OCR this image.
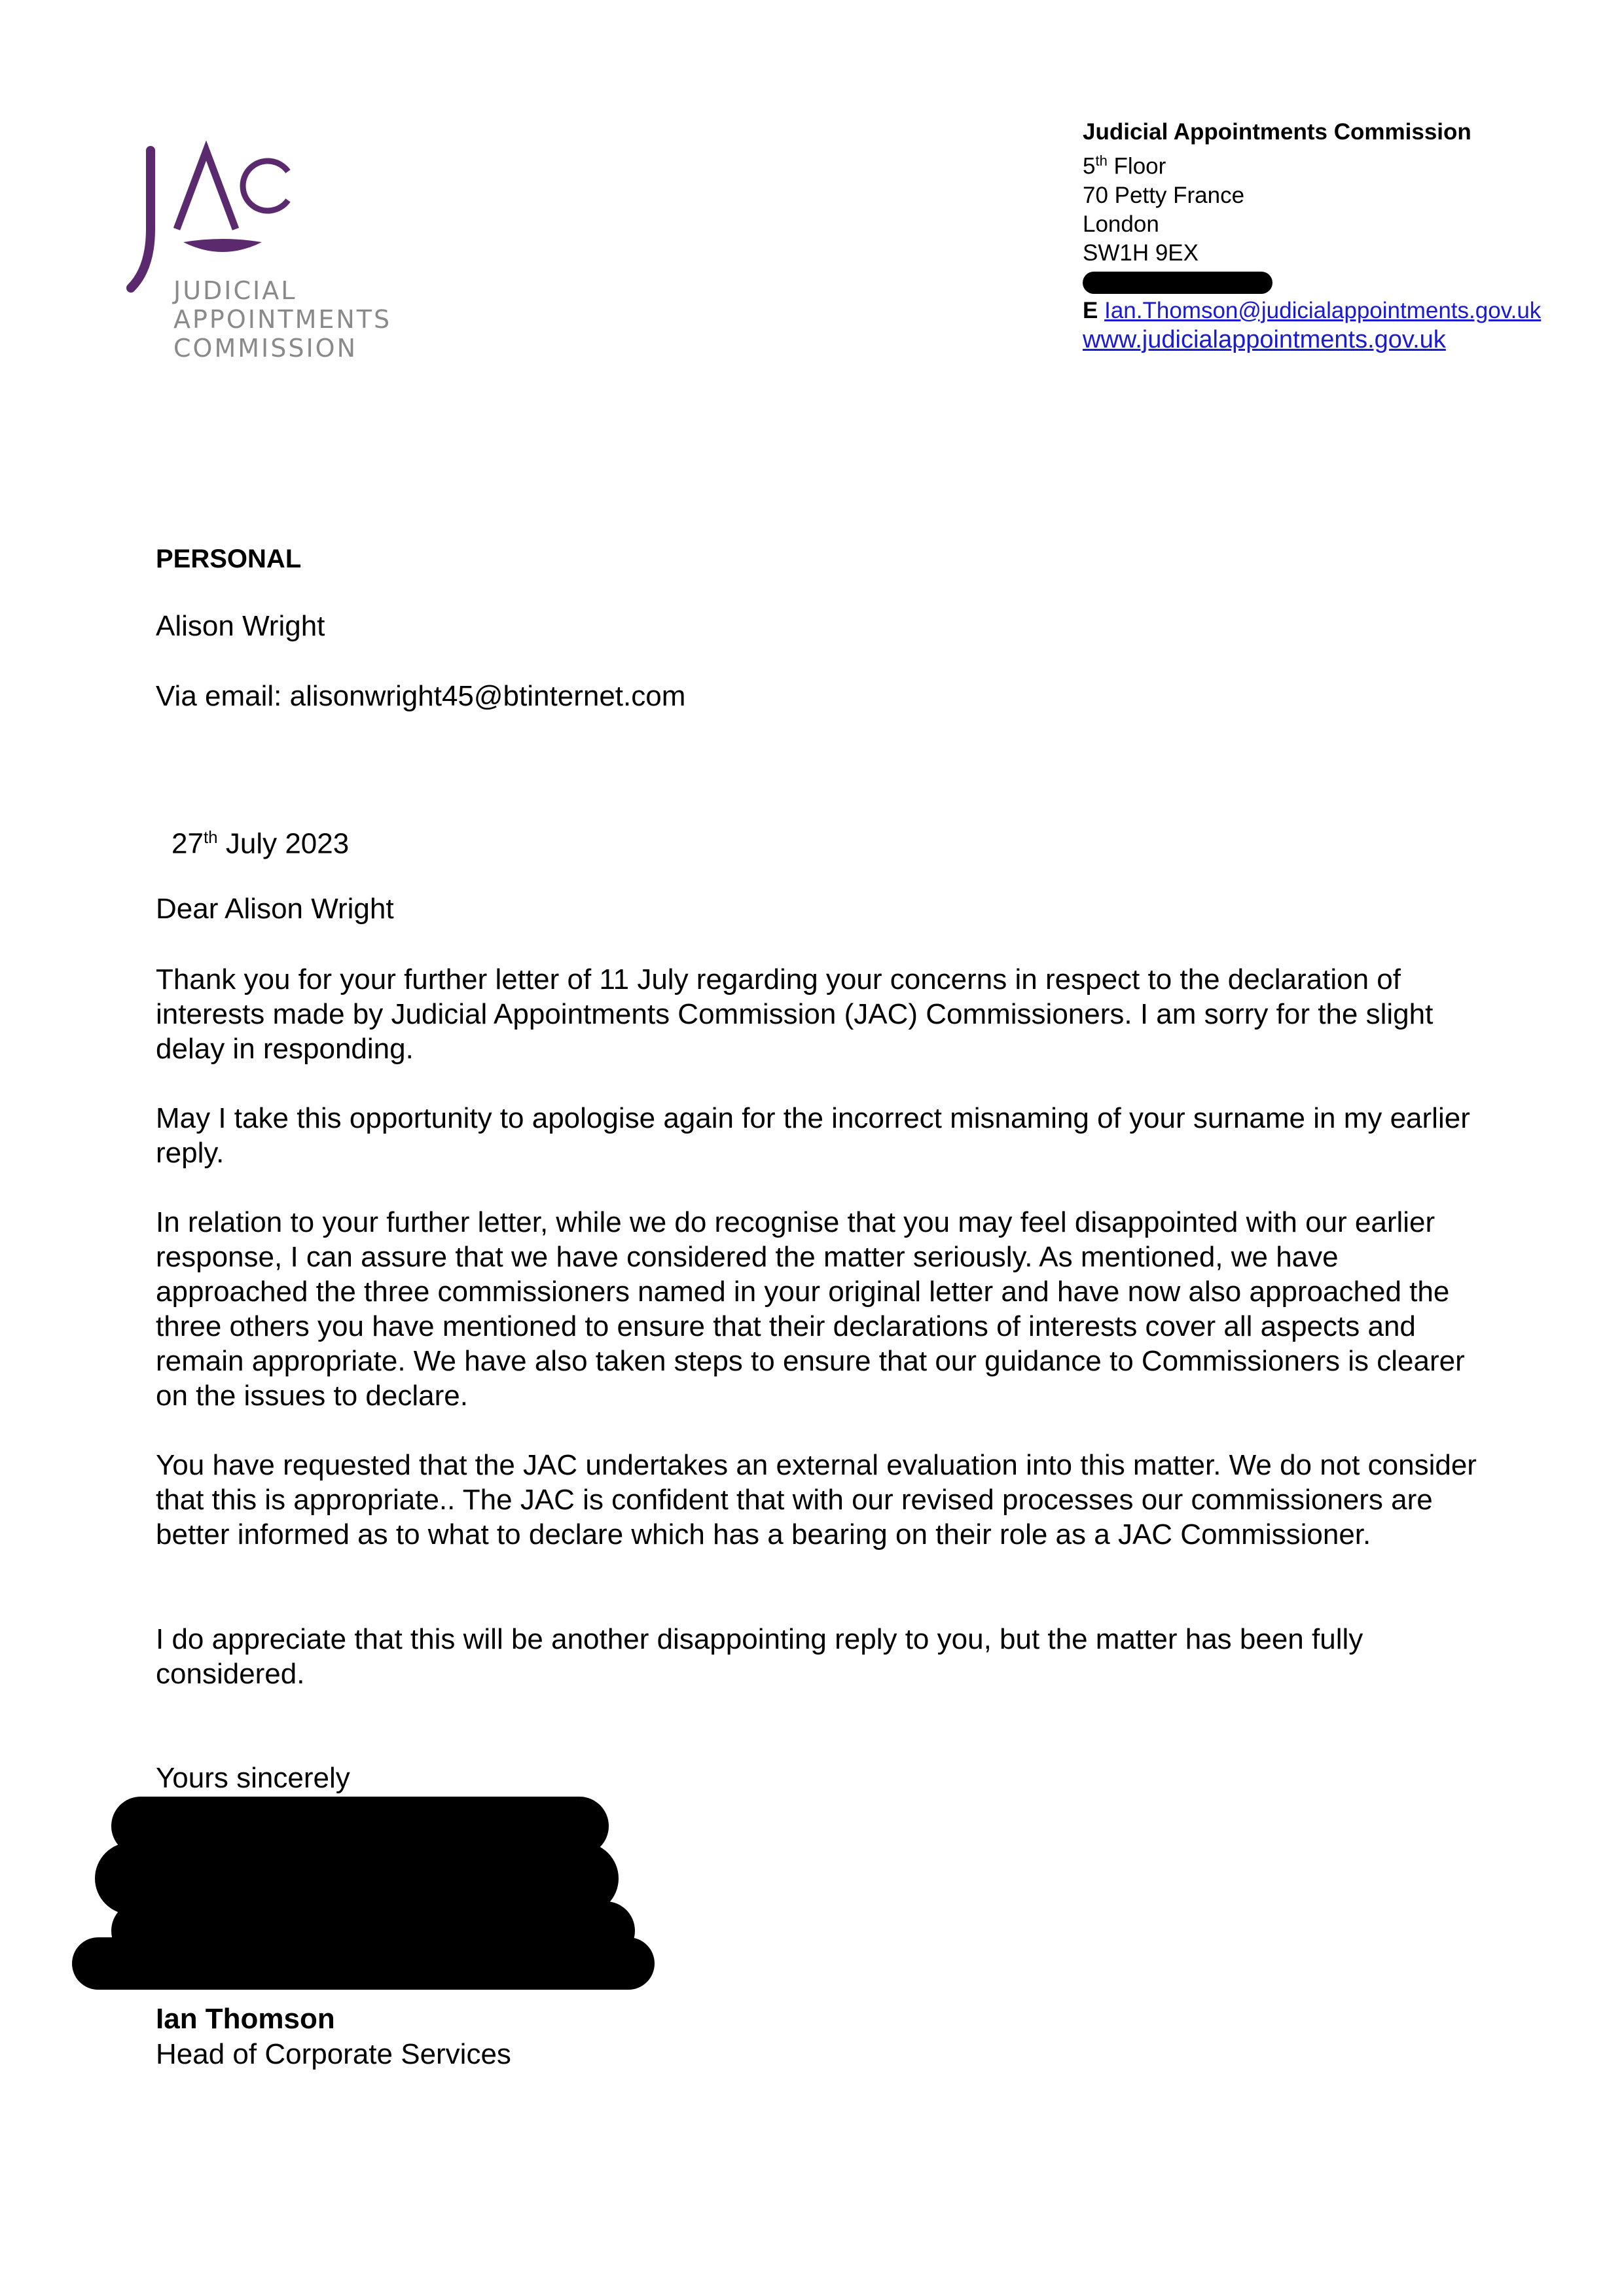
JUDICIAL
APPOINTMENTS
COMMISSION
Judicial Appointments Commission
5th Floor
70 Petty France
London
SW1H 9EX
E Ian.Thomson@judicialappointments.gov.uk
www.judicialappointments.gov.uk
PERSONAL
Alison Wright
Via email: alisonwright45@btinternet.com
27th July 2023
Dear Alison Wright
Thank you for your further letter of 11 July regarding your concerns in respect to the declaration of interests made by Judicial Appointments Commission (JAC) Commissioners. I am sorry for the slight delay in responding.
May I take this opportunity to apologise again for the incorrect misnaming of your surname in my earlier reply.
In relation to your further letter, while we do recognise that you may feel disappointed with our earlier response, I can assure that we have considered the matter seriously. As mentioned, we have approached the three commissioners named in your original letter and have now also approached the three others you have mentioned to ensure that their declarations of interests cover all aspects and remain appropriate. We have also taken steps to ensure that our guidance to Commissioners is clearer on the issues to declare.
You have requested that the JAC undertakes an external evaluation into this matter. We do not consider that this is appropriate.. The JAC is confident that with our revised processes our commissioners are better informed as to what to declare which has a bearing on their role as a JAC Commissioner.
I do appreciate that this will be another disappointing reply to you, but the matter has been fully considered.
Yours sincerely
Ian Thomson
Head of Corporate Services
